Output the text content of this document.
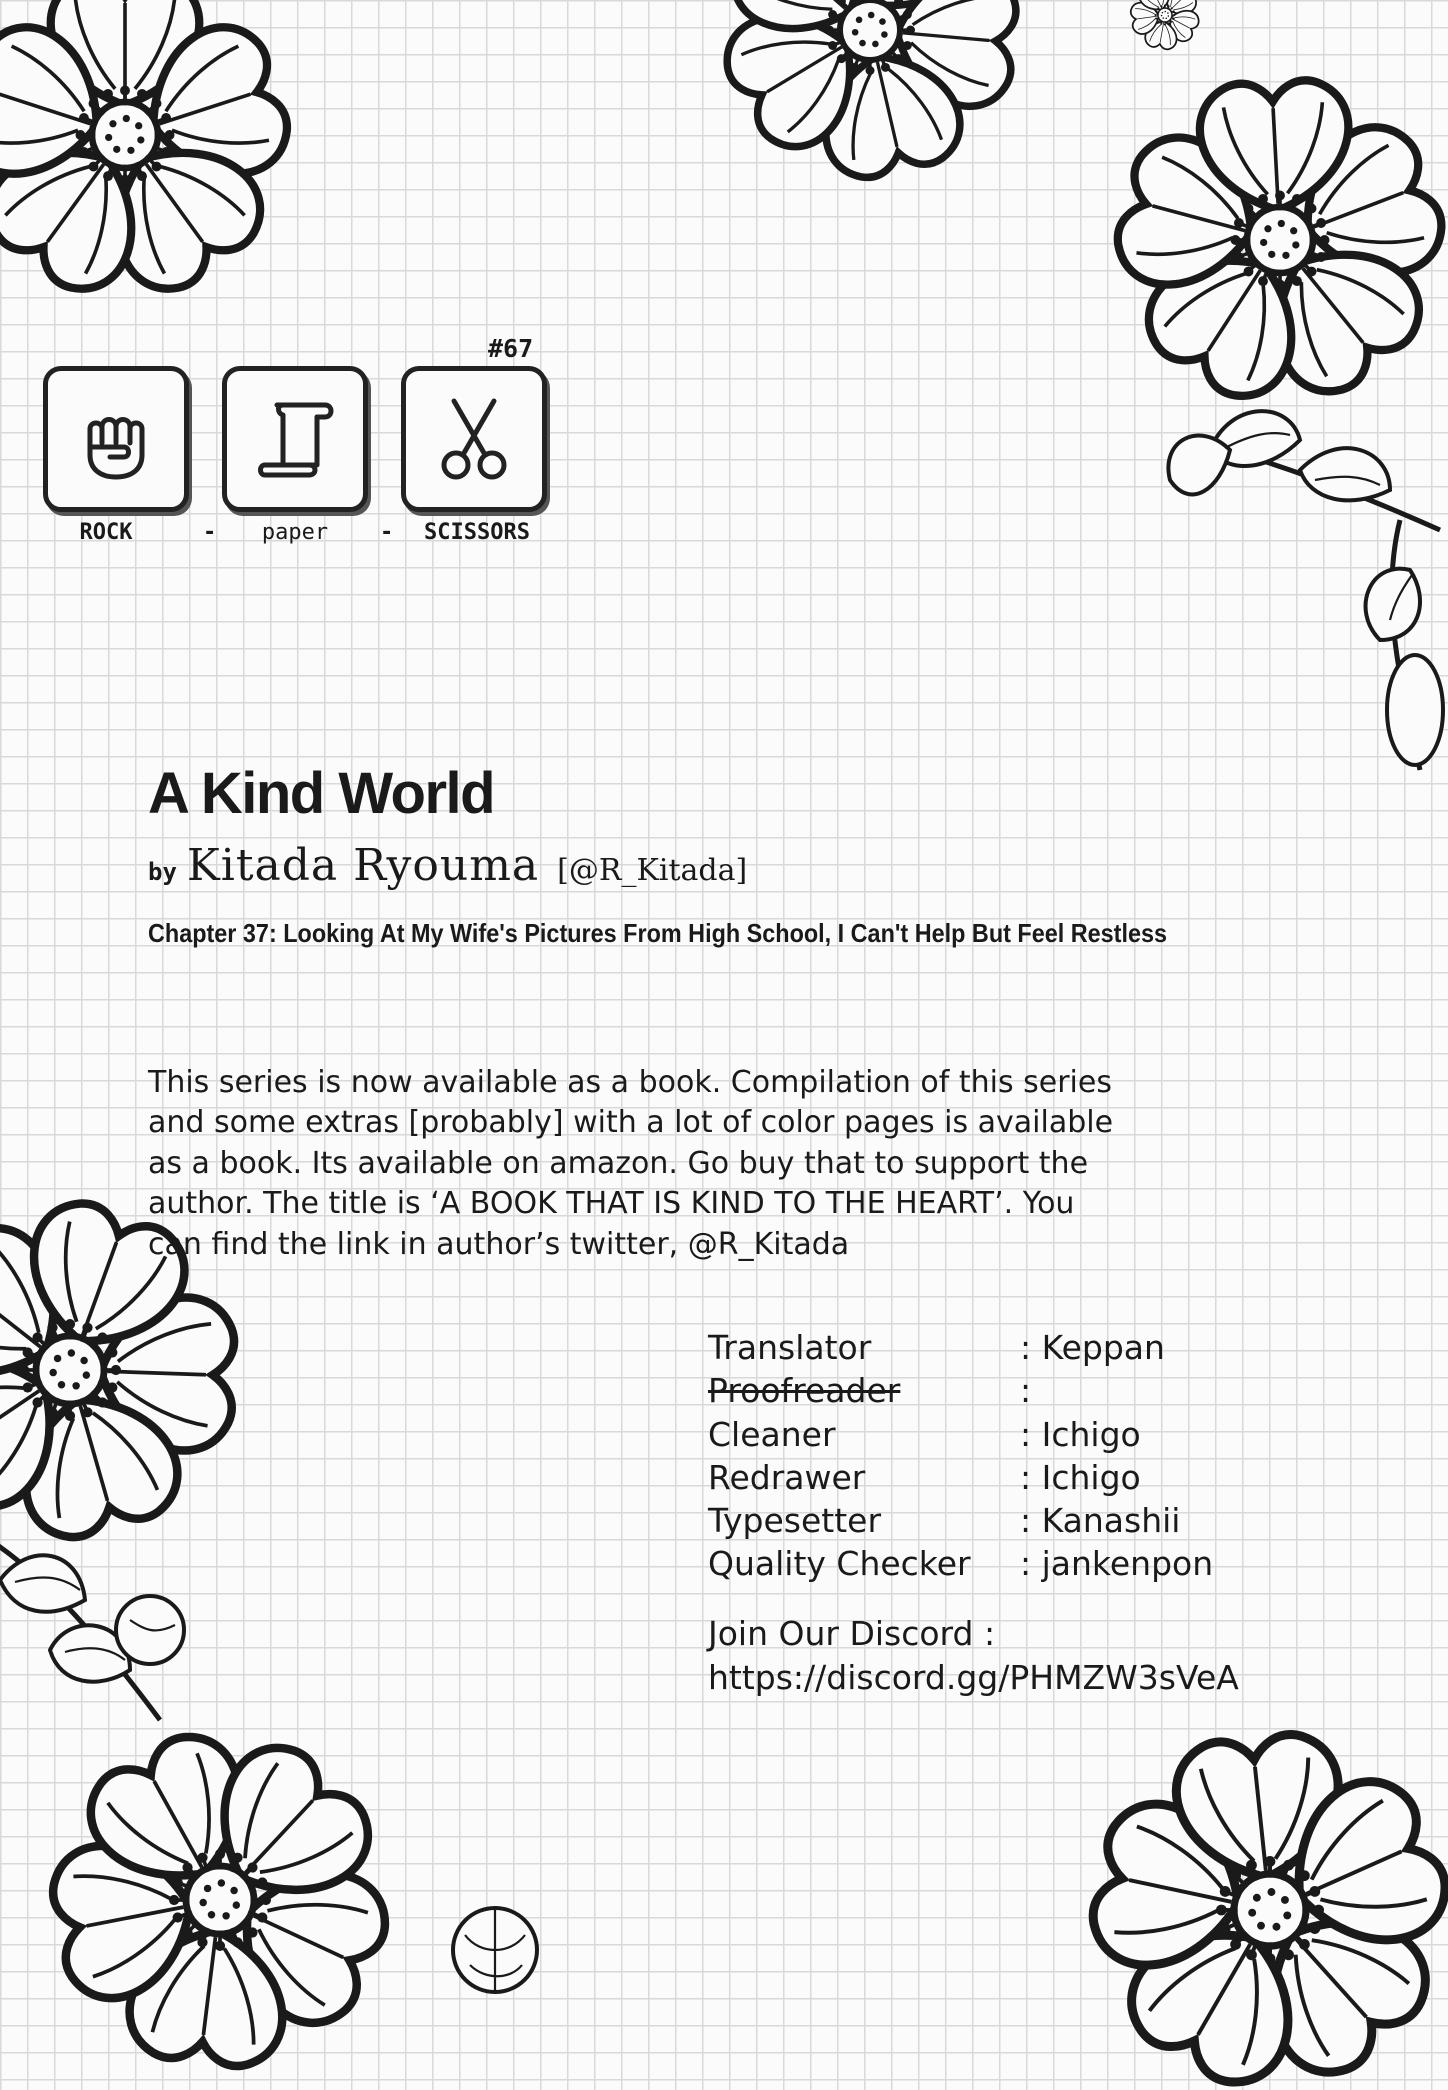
#67
ROCK	-	paper	-	SCISSORS
A Kind World
by Kitada Ryouma [@R_Kitada]
Chapter 37: Looking At My Wife's Pictures From High School, I Can't Help But Feel Restless

This series is now available as a book. Compilation of this series
and some extras [probably] with a lot of color pages is available
as a book. Its available on amazon. Go buy that to support the
author. The title is ‘A BOOK THAT IS KIND TO THE HEART’. You
can find the link in author’s twitter, @R_Kitada

Translator	: Keppan
Proofreader	:
Cleaner	: Ichigo
Redrawer	: Ichigo
Typesetter	: Kanashii
Quality Checker : jankenpon
Join Our Discord :
https://discord.gg/PHMZW3sVeA
